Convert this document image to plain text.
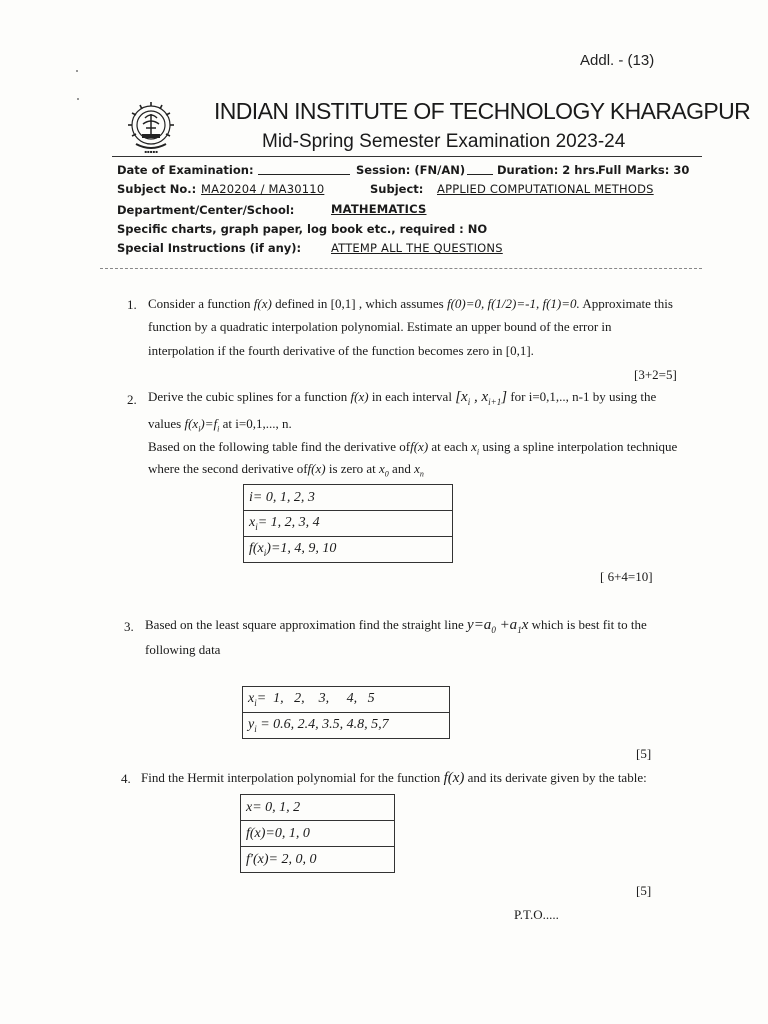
Addl. - (13)
▪▪▪▪▪
INDIAN INSTITUTE OF TECHNOLOGY KHARAGPUR
Mid-Spring Semester Examination 2023-24
Date of Examination:	Session: (FN/AN)	Duration: 2 hrs.
Full Marks: 30
Subject No.: MA20204 / MA30110	Subject: APPLIED COMPUTATIONAL METHODS
Department/Center/School:	MATHEMATICS
Specific charts, graph paper, log book etc., required : NO
Special Instructions (if any):	ATTEMP ALL THE QUESTIONS
1. Consider a function f(x) defined in [0,1] , which assumes f(0)=0, f(1/2)=-1, f(1)=0. Approximate this
function by a quadratic interpolation polynomial. Estimate an upper bound of the error in
interpolation if the fourth derivative of the function becomes zero in [0,1].
[3+2=5]
2. Derive the cubic splines for a function f(x) in each interval [$x_i$ , $x_{i+1}$] for i=0,1,.., n-1 by using the
values $f(x_i)=f_i$ at i=0,1,..., n.
Based on the following table find the derivative off(x) at each $x_i$ using a spline interpolation technique
where the second derivative off(x) is zero at $x_0$ and $x_n$
i= 0, 1, 2, 3
$x_i= 1$, 2, 3, 4
$f(x_i)=1$, 4, 9, 10
[ 6+4=10]
3. Based on the least square approximation find the straight line $y=a_0 +a_1x$ which is best fit to the
following data
$x_i= 1$,   2,    3,     4,   5
$y_i = 0.6$, 2.4, 3.5, 4.8, 5,7
[5]
4. Find the Hermit interpolation polynomial for the function f(x) and its derivate given by the table:
x= 0, 1, 2
f(x)=0, 1, 0
f′(x)= 2, 0, 0
[5]
P.T.O.....
